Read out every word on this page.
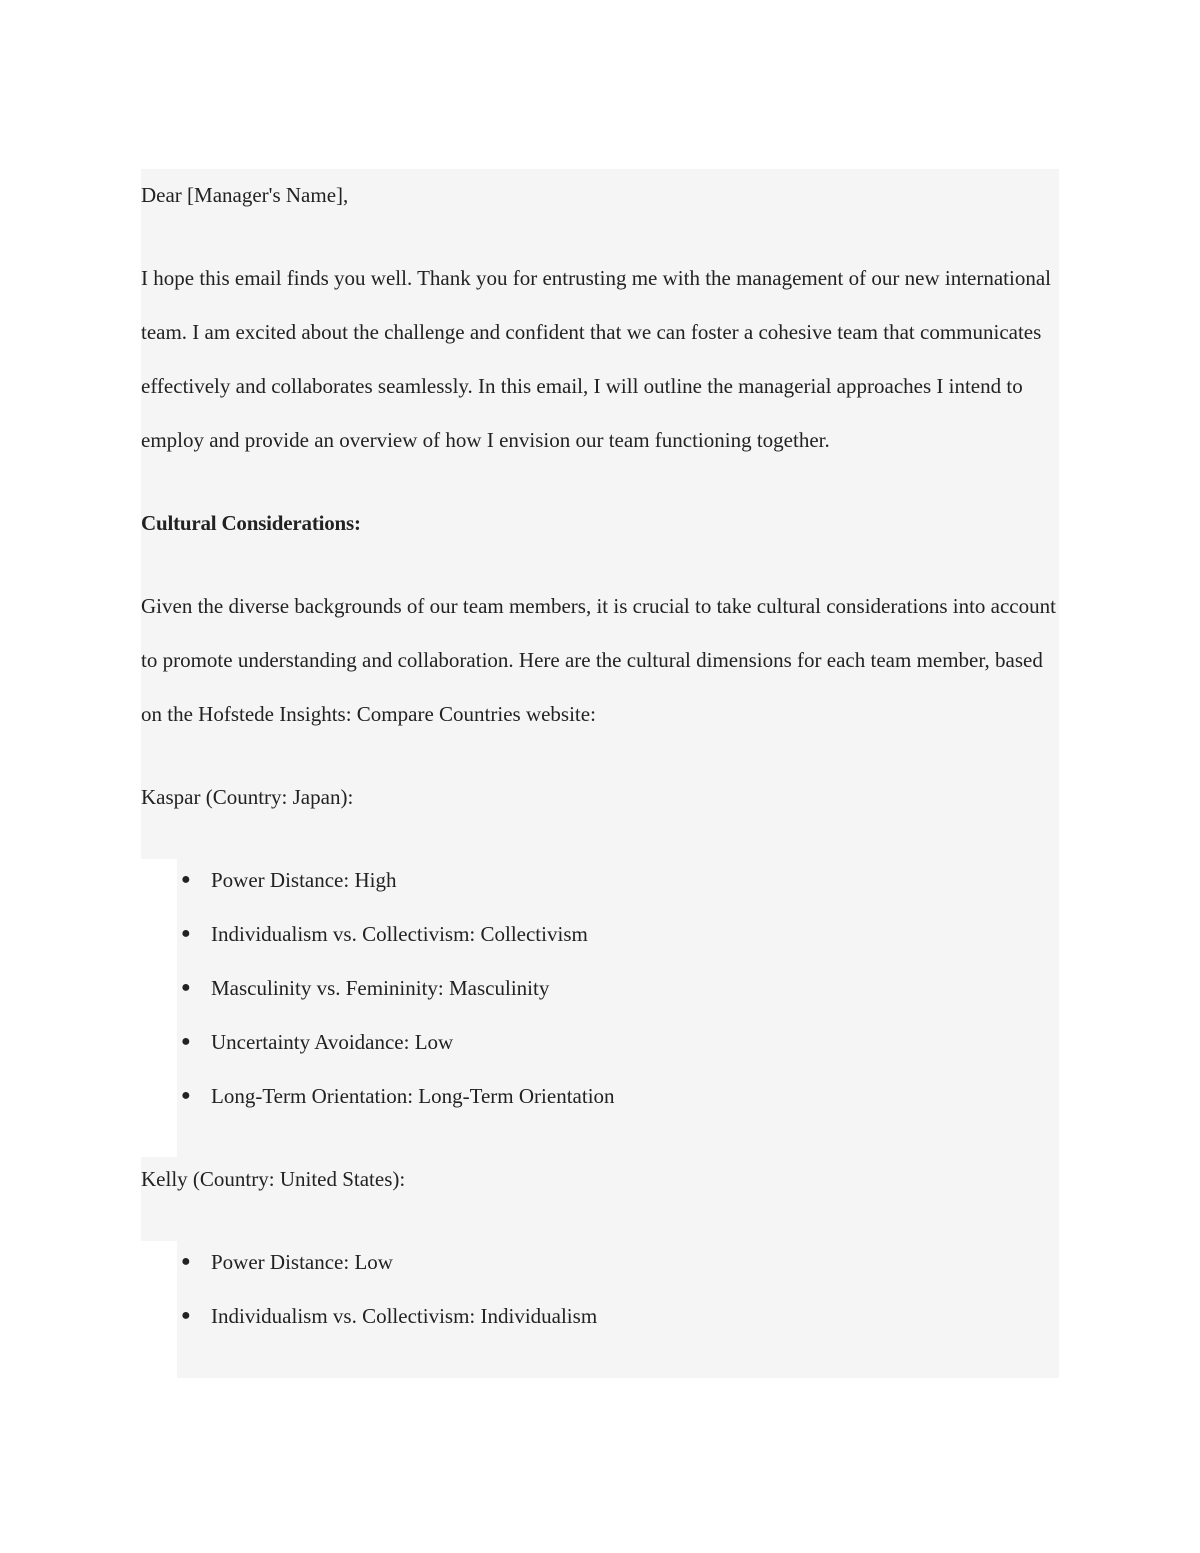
Dear [Manager's Name],

I hope this email finds you well. Thank you for entrusting me with the management of our new international team. I am excited about the challenge and confident that we can foster a cohesive team that communicates effectively and collaborates seamlessly. In this email, I will outline the managerial approaches I intend to employ and provide an overview of how I envision our team functioning together.

Cultural Considerations:

Given the diverse backgrounds of our team members, it is crucial to take cultural considerations into account to promote understanding and collaboration. Here are the cultural dimensions for each team member, based on the Hofstede Insights: Compare Countries website:

Kaspar (Country: Japan):

● Power Distance: High
● Individualism vs. Collectivism: Collectivism
● Masculinity vs. Femininity: Masculinity
● Uncertainty Avoidance: Low
● Long-Term Orientation: Long-Term Orientation

Kelly (Country: United States):

● Power Distance: Low
● Individualism vs. Collectivism: Individualism
